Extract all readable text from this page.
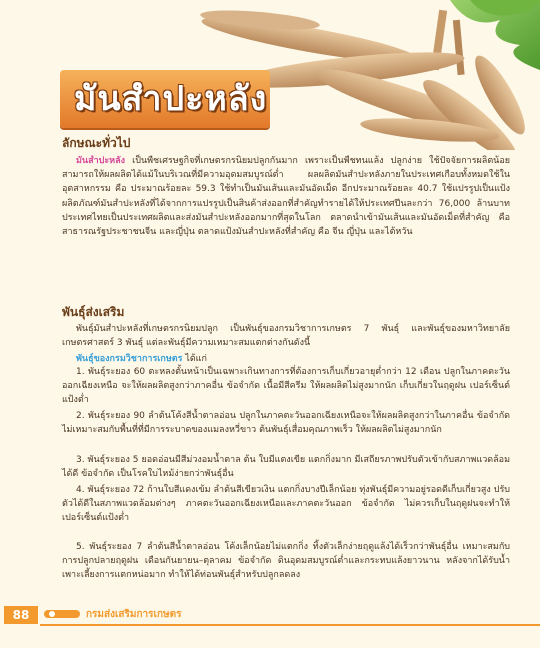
มันสำปะหลัง
ลักษณะทั่วไป
มันสำปะหลัง เป็นพืชเศรษฐกิจที่เกษตรกรนิยมปลูกกันมาก เพราะเป็นพืชทนแล้ง ปลูกง่าย ใช้ปัจจัยการผลิตน้อย สามารถให้ผลผลิตได้แม้ในบริเวณที่มีความอุดมสมบูรณ์ต่ำ ผลผลิตมันสำปะหลังภายในประเทศเกือบทั้งหมดใช้ในอุตสาหกรรม คือ ประมาณร้อยละ 59.3 ใช้ทำเป็นมันเส้นและมันอัดเม็ด อีกประมาณร้อยละ 40.7 ใช้แปรรูปเป็นแป้ง ผลิตภัณฑ์มันสำปะหลังที่ได้จากการแปรรูปเป็นสินค้าส่งออกที่สำคัญทำรายได้ให้ประเทศปีนละกว่า 76,000 ล้านบาท ประเทศไทยเป็นประเทศผลิตและส่งมันสำปะหลังออกมากที่สุดในโลก ตลาดนำเข้ามันเส้นและมันอัดเม็ดที่สำคัญ คือ สาธารณรัฐประชาชนจีน และญี่ปุ่น ตลาดแป้งมันสำปะหลังที่สำคัญ คือ จีน ญี่ปุ่น และไต้หวัน
พันธุ์ส่งเสริม
พันธุ์มันสำปะหลังที่เกษตรกรนิยมปลูก เป็นพันธุ์ของกรมวิชาการเกษตร 7 พันธุ์ และพันธุ์ของมหาวิทยาลัยเกษตรศาสตร์ 3 พันธุ์ แต่ละพันธุ์มีความเหมาะสมแตกต่างกันดังนี้
พันธุ์ของกรมวิชาการเกษตร ได้แก่
1. พันธุ์ระยอง 60 ตะหลงตั้นหน้าเป็นเฉพาะเกินทางการที่ต้องการเก็บเกี่ยวอายุต่ำกว่า 12 เดือน ปลูกในภาคตะวันออกเฉียงเหนือ จะให้ผลผลิตสูงกว่าภาคอื่น ข้อจำกัด เนื้อมีสีครีม ให้ผลผลิตไม่สูงมากนัก เก็บเกี่ยวในฤดูฝน เปอร์เซ็นต์แป้งต่ำ
2. พันธุ์ระยอง 90 ลำต้นโค้งสีน้ำตาลอ่อน ปลูกในภาคตะวันออกเฉียงเหนือจะให้ผลผลิตสูงกว่าในภาคอื่น ข้อจำกัด ไม่เหมาะสมกับพื้นที่ที่มีการระบาดของแมลงหวี่ขาว ต้นพันธุ์เสื่อมคุณภาพเร็ว ให้ผลผลิตไม่สูงมากนัก
3. พันธุ์ระยอง 5 ยอดอ่อนมีสีม่วงอมน้ำตาล ต้น ใบมีแตงเขีย แตกกิ่งมาก มีเสถียรภาพปรับตัวเข้ากับสภาพแวดล้อมได้ดี ข้อจำกัด เป็นโรคใบไหม้ง่ายกว่าพันธุ์อื่น
4. พันธุ์ระยอง 72 ก้านใบสีแดงเข้ม ลำต้นสีเขียวเงิน แตกกิ่งบางปีเล็กน้อย ทุ่งพันธุ์มีความอยู่รอดดีเก็บเกี่ยวสูง ปรับตัวได้ดีในสภาพแวดล้อมต่างๆ ภาคตะวันออกเฉียงเหนือและภาคตะวันออก ข้อจำกัด ไม่ควรเก็บในฤดูฝนจะทำให้เปอร์เซ็นต์แป้งต่ำ
5. พันธุ์ระยอง 7 ลำต้นสีน้ำตาลอ่อน โค้งเล็กน้อยไม่แตกกิ่ง ทิ้งตัวเล็กง่ายฤดูแล้งได้เร็วกว่าพันธุ์อื่น เหมาะสมกับการปลูกปลายฤดูฝน เดือนกันยายน–ตุลาคม ข้อจำกัด ดินอุดมสมบูรณ์ต่ำและกระทบแล้งยาวนาน หลังจากได้รับน้ำเพาะเลี้ยงการแตกหน่อมาก ทำให้ได้ท่อนพันธุ์สำหรับปลูกลดลง
88	กรมส่งเสริมการเกษตร
